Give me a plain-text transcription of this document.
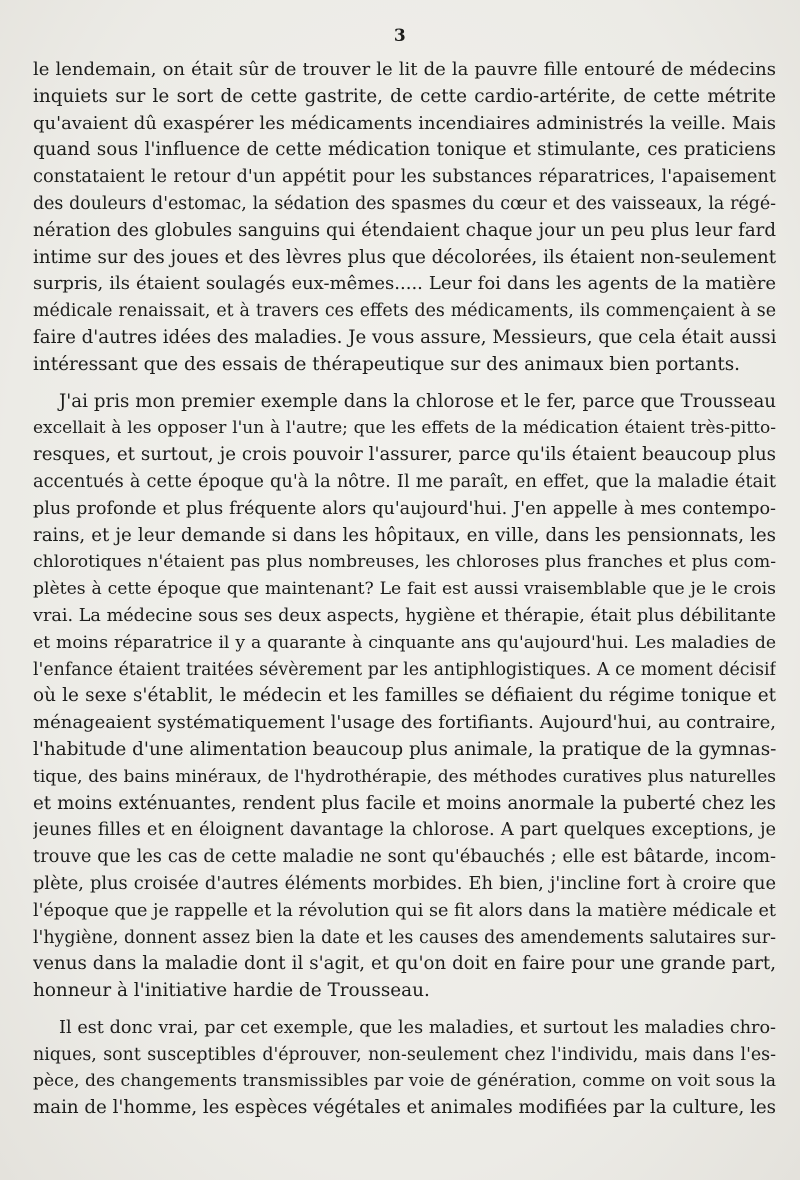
3
le lendemain, on était sûr de trouver le lit de la pauvre fille entouré de médecins
inquiets sur le sort de cette gastrite, de cette cardio-artérite, de cette métrite
qu'avaient dû exaspérer les médicaments incendiaires administrés la veille. Mais
quand sous l'influence de cette médication tonique et stimulante, ces praticiens
constataient le retour d'un appétit pour les substances réparatrices, l'apaisement
des douleurs d'estomac, la sédation des spasmes du cœur et des vaisseaux, la régé-
nération des globules sanguins qui étendaient chaque jour un peu plus leur fard
intime sur des joues et des lèvres plus que décolorées, ils étaient non-seulement
surpris, ils étaient soulagés eux-mêmes..... Leur foi dans les agents de la matière
médicale renaissait, et à travers ces effets des médicaments, ils commençaient à se
faire d'autres idées des maladies. Je vous assure, Messieurs, que cela était aussi
intéressant que des essais de thérapeutique sur des animaux bien portants.
J'ai pris mon premier exemple dans la chlorose et le fer, parce que Trousseau
excellait à les opposer l'un à l'autre; que les effets de la médication étaient très-pitto-
resques, et surtout, je crois pouvoir l'assurer, parce qu'ils étaient beaucoup plus
accentués à cette époque qu'à la nôtre. Il me paraît, en effet, que la maladie était
plus profonde et plus fréquente alors qu'aujourd'hui. J'en appelle à mes contempo-
rains, et je leur demande si dans les hôpitaux, en ville, dans les pensionnats, les
chlorotiques n'étaient pas plus nombreuses, les chloroses plus franches et plus com-
plètes à cette époque que maintenant? Le fait est aussi vraisemblable que je le crois
vrai. La médecine sous ses deux aspects, hygiène et thérapie, était plus débilitante
et moins réparatrice il y a quarante à cinquante ans qu'aujourd'hui. Les maladies de
l'enfance étaient traitées sévèrement par les antiphlogistiques. A ce moment décisif
où le sexe s'établit, le médecin et les familles se défiaient du régime tonique et
ménageaient systématiquement l'usage des fortifiants. Aujourd'hui, au contraire,
l'habitude d'une alimentation beaucoup plus animale, la pratique de la gymnas-
tique, des bains minéraux, de l'hydrothérapie, des méthodes curatives plus naturelles
et moins exténuantes, rendent plus facile et moins anormale la puberté chez les
jeunes filles et en éloignent davantage la chlorose. A part quelques exceptions, je
trouve que les cas de cette maladie ne sont qu'ébauchés ; elle est bâtarde, incom-
plète, plus croisée d'autres éléments morbides. Eh bien, j'incline fort à croire que
l'époque que je rappelle et la révolution qui se fit alors dans la matière médicale et
l'hygiène, donnent assez bien la date et les causes des amendements salutaires sur-
venus dans la maladie dont il s'agit, et qu'on doit en faire pour une grande part,
honneur à l'initiative hardie de Trousseau.
Il est donc vrai, par cet exemple, que les maladies, et surtout les maladies chro-
niques, sont susceptibles d'éprouver, non-seulement chez l'individu, mais dans l'es-
pèce, des changements transmissibles par voie de génération, comme on voit sous la
main de l'homme, les espèces végétales et animales modifiées par la culture, les
